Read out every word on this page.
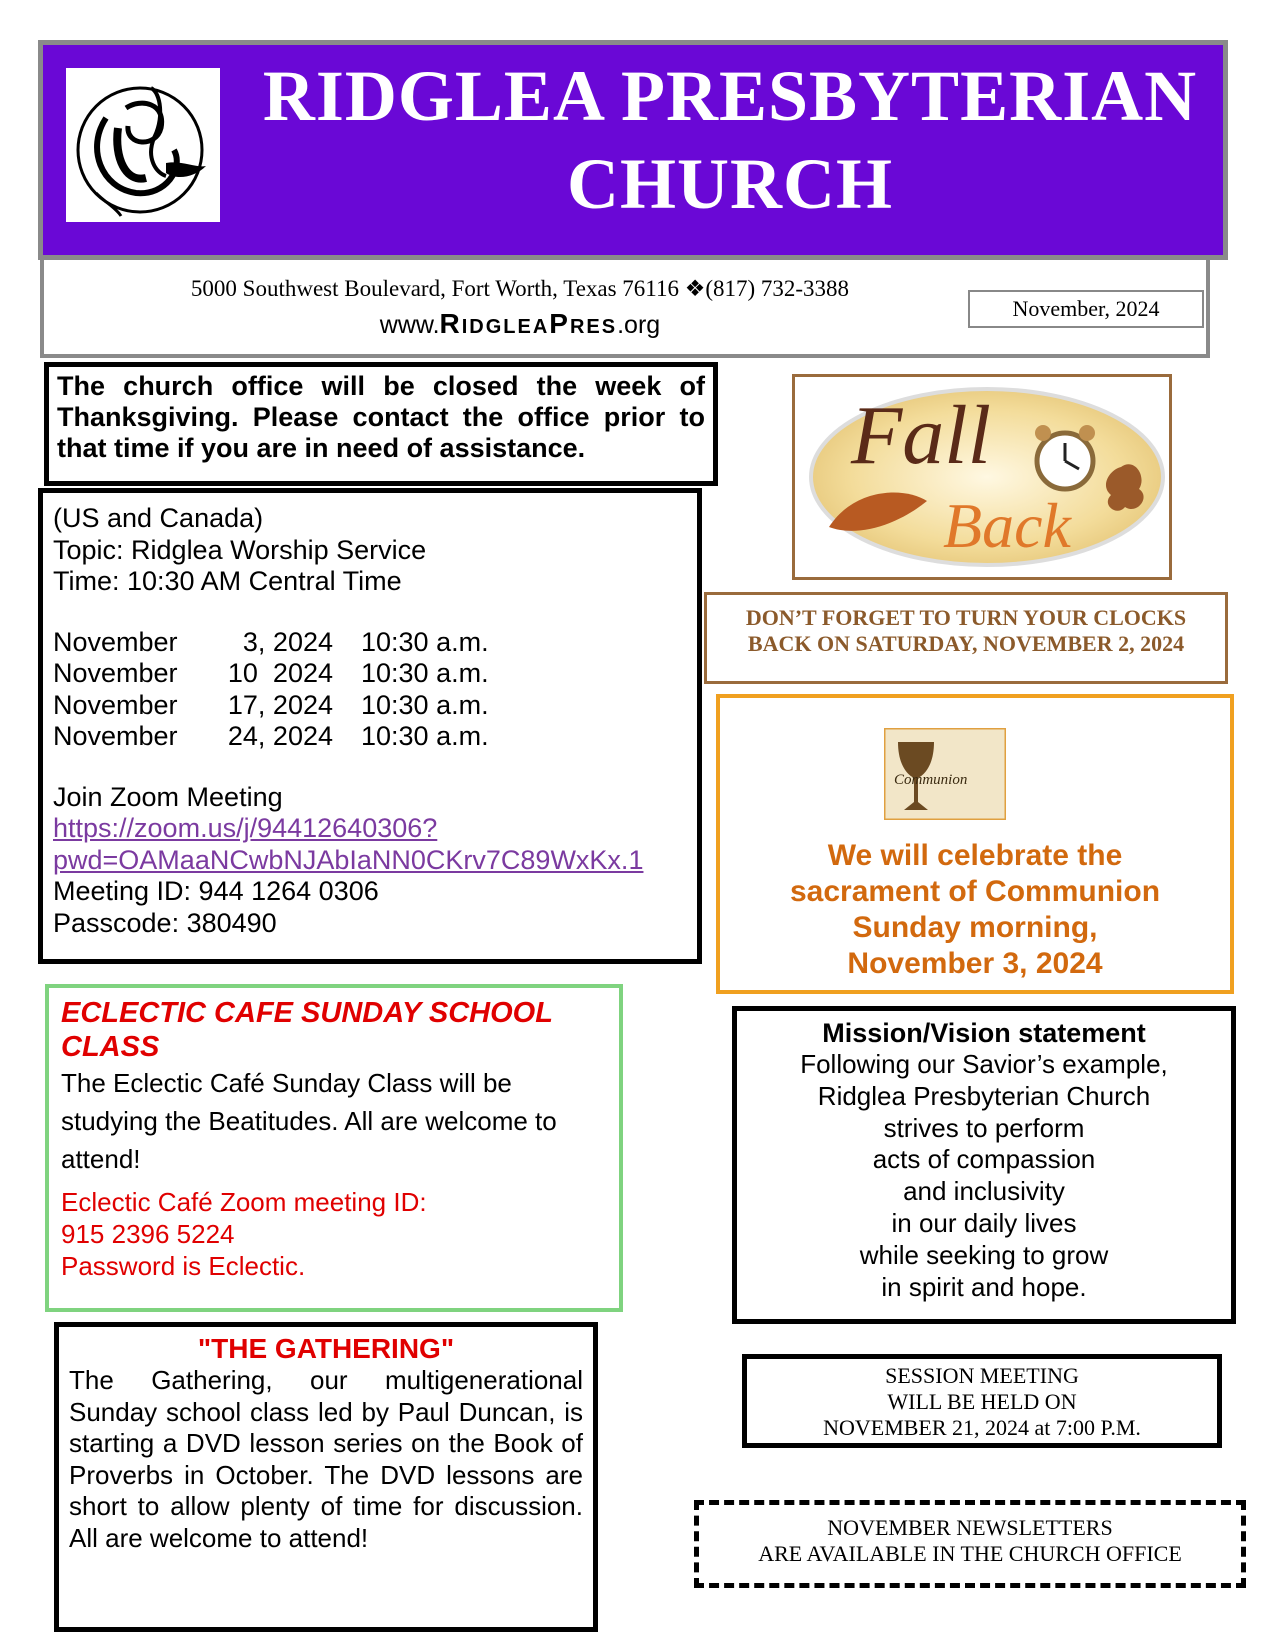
RIDGLEA PRESBYTERIAN
CHURCH
5000 Southwest Boulevard, Fort Worth, Texas 76116 ❖(817) 732-3388
www.RidgleaPres.org
November, 2024
The church office will be closed the week of Thanksgiving. Please contact the office prior to that time if you are in need of assistance.
(US and Canada)
Topic: Ridglea Worship Service
Time: 10:30 AM Central Time
November	3, 2024	10:30 a.m.
November	10  2024	10:30 a.m.
November	17, 2024	10:30 a.m.
November	24, 2024	10:30 a.m.
Join Zoom Meeting
https://zoom.us/j/94412640306?
pwd=OAMaaNCwbNJAbIaNN0CKrv7C89WxKx.1
Meeting ID: 944 1264 0306
Passcode: 380490
Fall
Back
DON’T FORGET TO TURN YOUR CLOCKS
BACK ON SATURDAY, NOVEMBER 2, 2024
Communion
We will celebrate the
sacrament of Communion
Sunday morning,
November 3, 2024
ECLECTIC CAFE SUNDAY SCHOOL CLASS
The Eclectic Café Sunday Class will be studying the Beatitudes. All are welcome to attend!
Eclectic Café Zoom meeting ID:
915 2396 5224
Password is Eclectic.
Mission/Vision statement
Following our Savior’s example,
Ridglea Presbyterian Church
strives to perform
acts of compassion
and inclusivity
in our daily lives
while seeking to grow
in spirit and hope.
"THE GATHERING"
The Gathering, our multigenerational Sunday school class led by Paul Duncan, is starting a DVD lesson series on the Book of Proverbs in October. The DVD lessons are short to allow plenty of time for discussion. All are welcome to attend!
SESSION MEETING
WILL BE HELD ON
NOVEMBER 21, 2024 at 7:00 P.M.
NOVEMBER NEWSLETTERS
ARE AVAILABLE IN THE CHURCH OFFICE
